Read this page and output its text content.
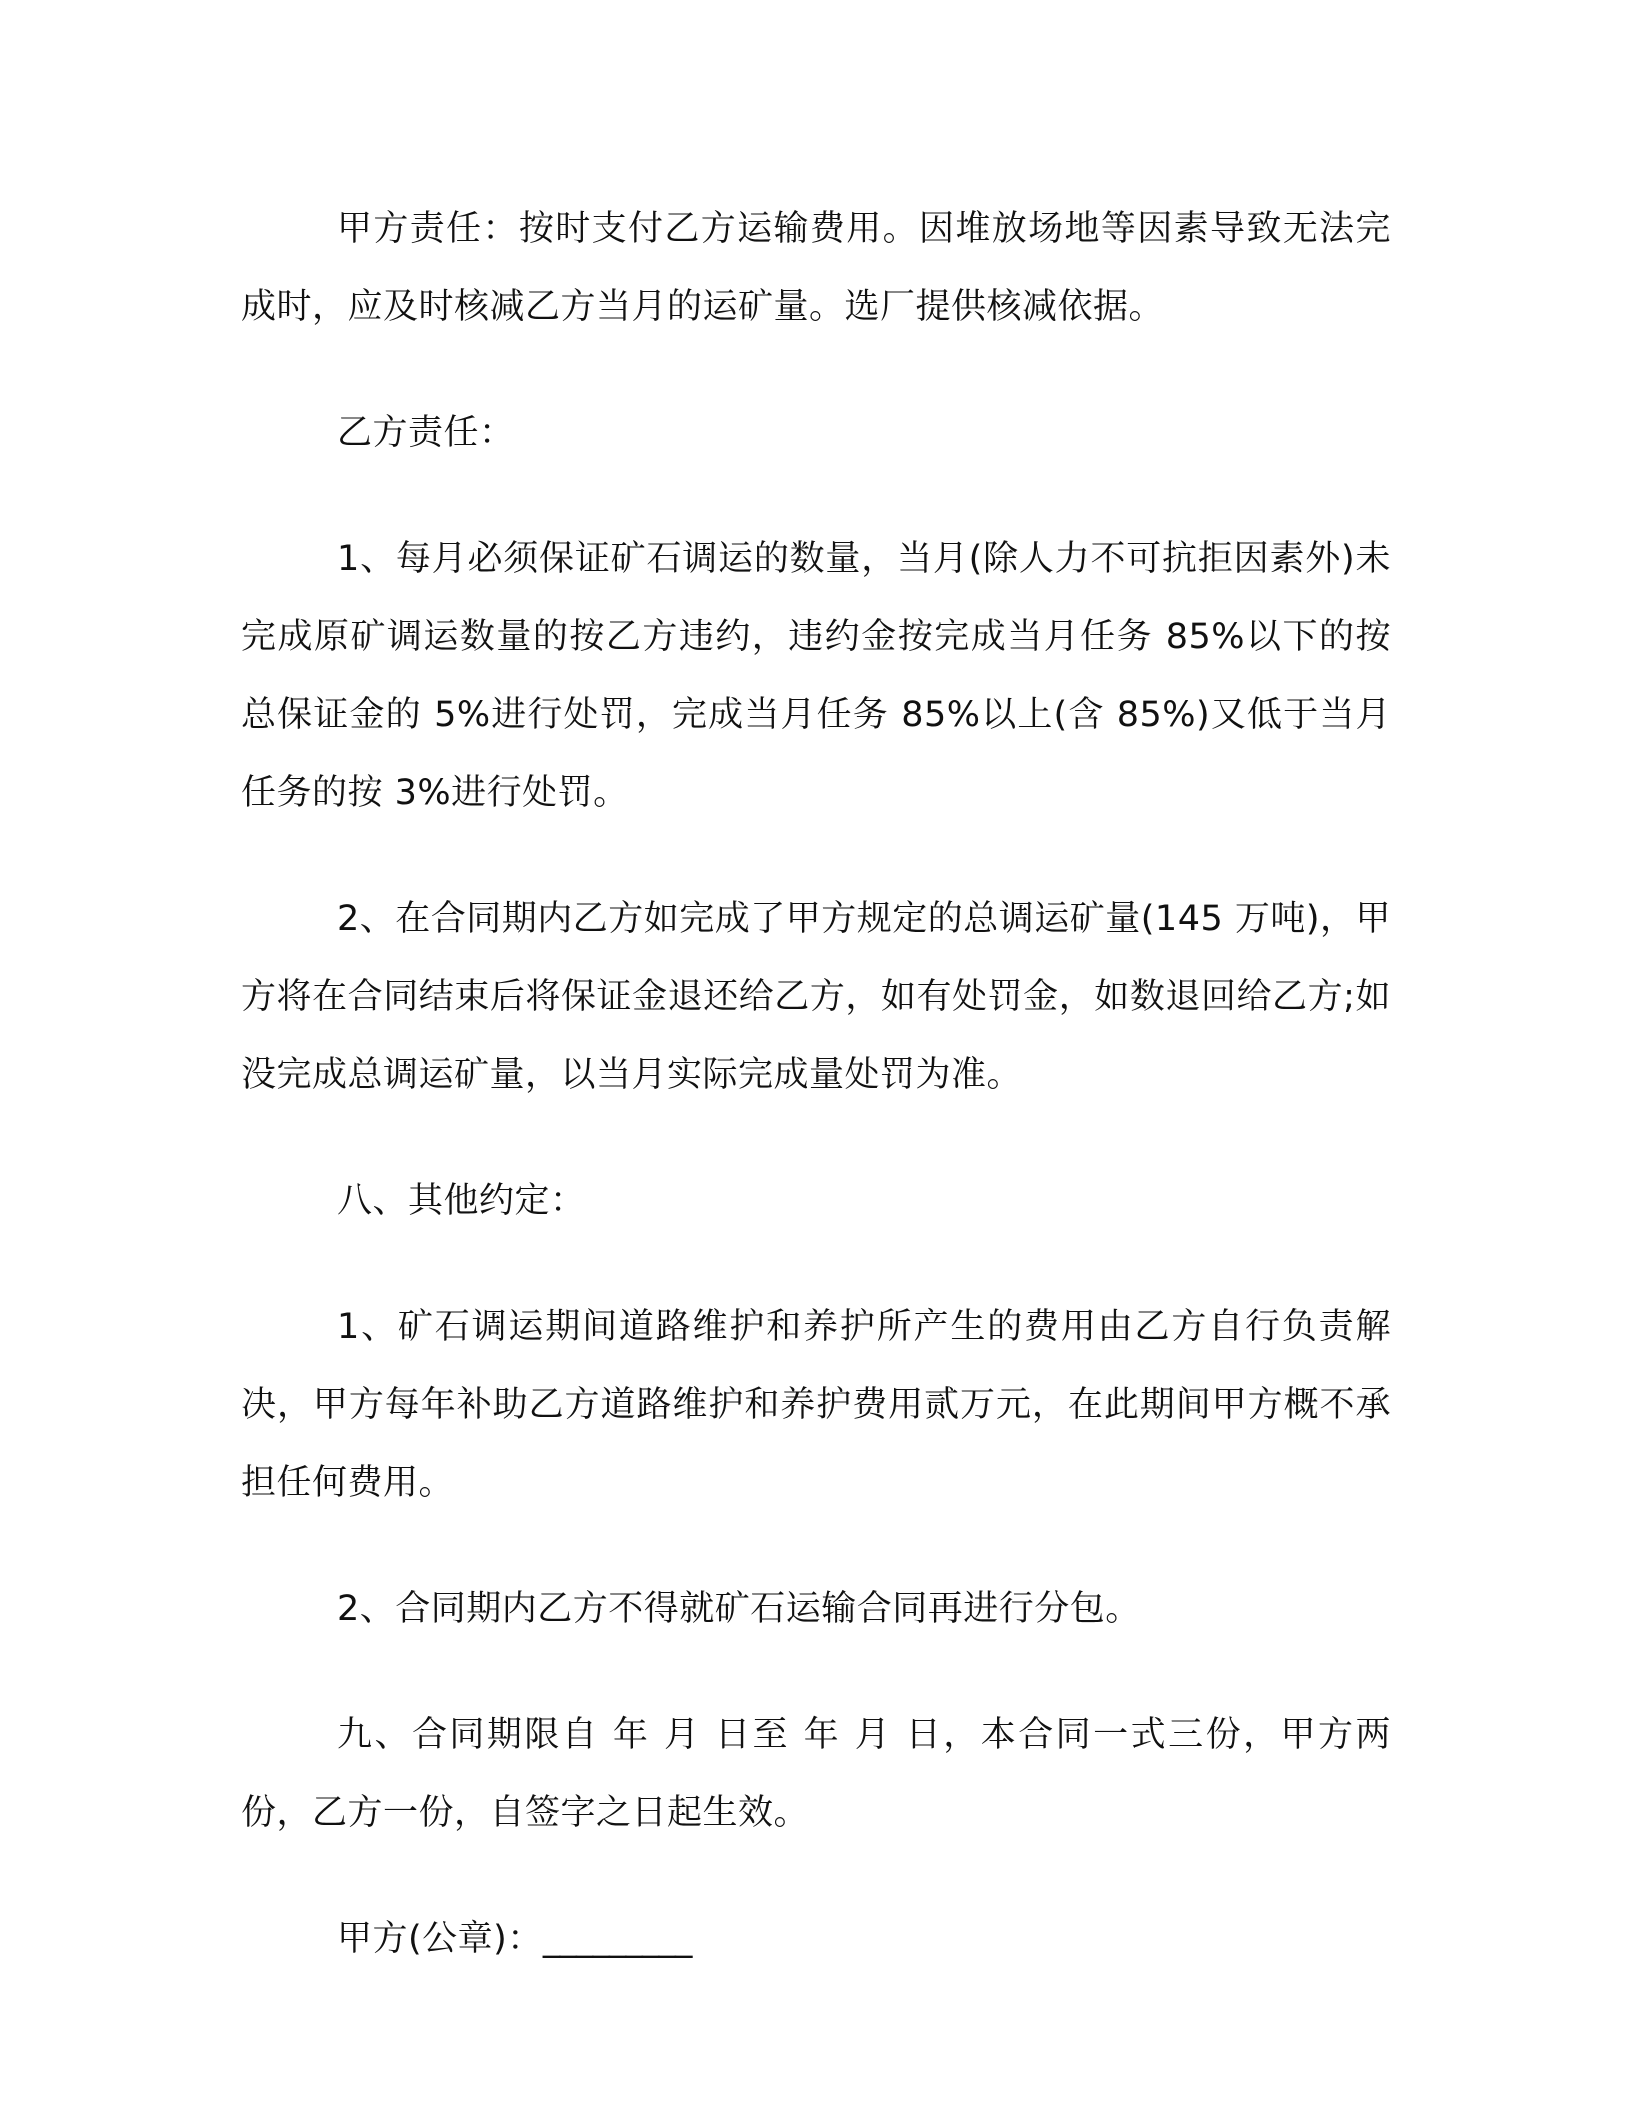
甲方责任：按时支付乙方运输费用。因堆放场地等因素导致无法完成时，应及时核减乙方当月的运矿量。选厂提供核减依据。

乙方责任：

1、每月必须保证矿石调运的数量，当月(除人力不可抗拒因素外)未完成原矿调运数量的按乙方违约，违约金按完成当月任务 85%以下的按总保证金的 5%进行处罚，完成当月任务 85%以上(含 85%)又低于当月任务的按 3%进行处罚。

2、在合同期内乙方如完成了甲方规定的总调运矿量(145 万吨)，甲方将在合同结束后将保证金退还给乙方，如有处罚金，如数退回给乙方;如没完成总调运矿量，以当月实际完成量处罚为准。

八、其他约定：

1、矿石调运期间道路维护和养护所产生的费用由乙方自行负责解决，甲方每年补助乙方道路维护和养护费用贰万元，在此期间甲方概不承担任何费用。

2、合同期内乙方不得就矿石运输合同再进行分包。

九、合同期限自 年 月 日至 年 月 日，本合同一式三份，甲方两份，乙方一份，自签字之日起生效。

甲方(公章)：_________
